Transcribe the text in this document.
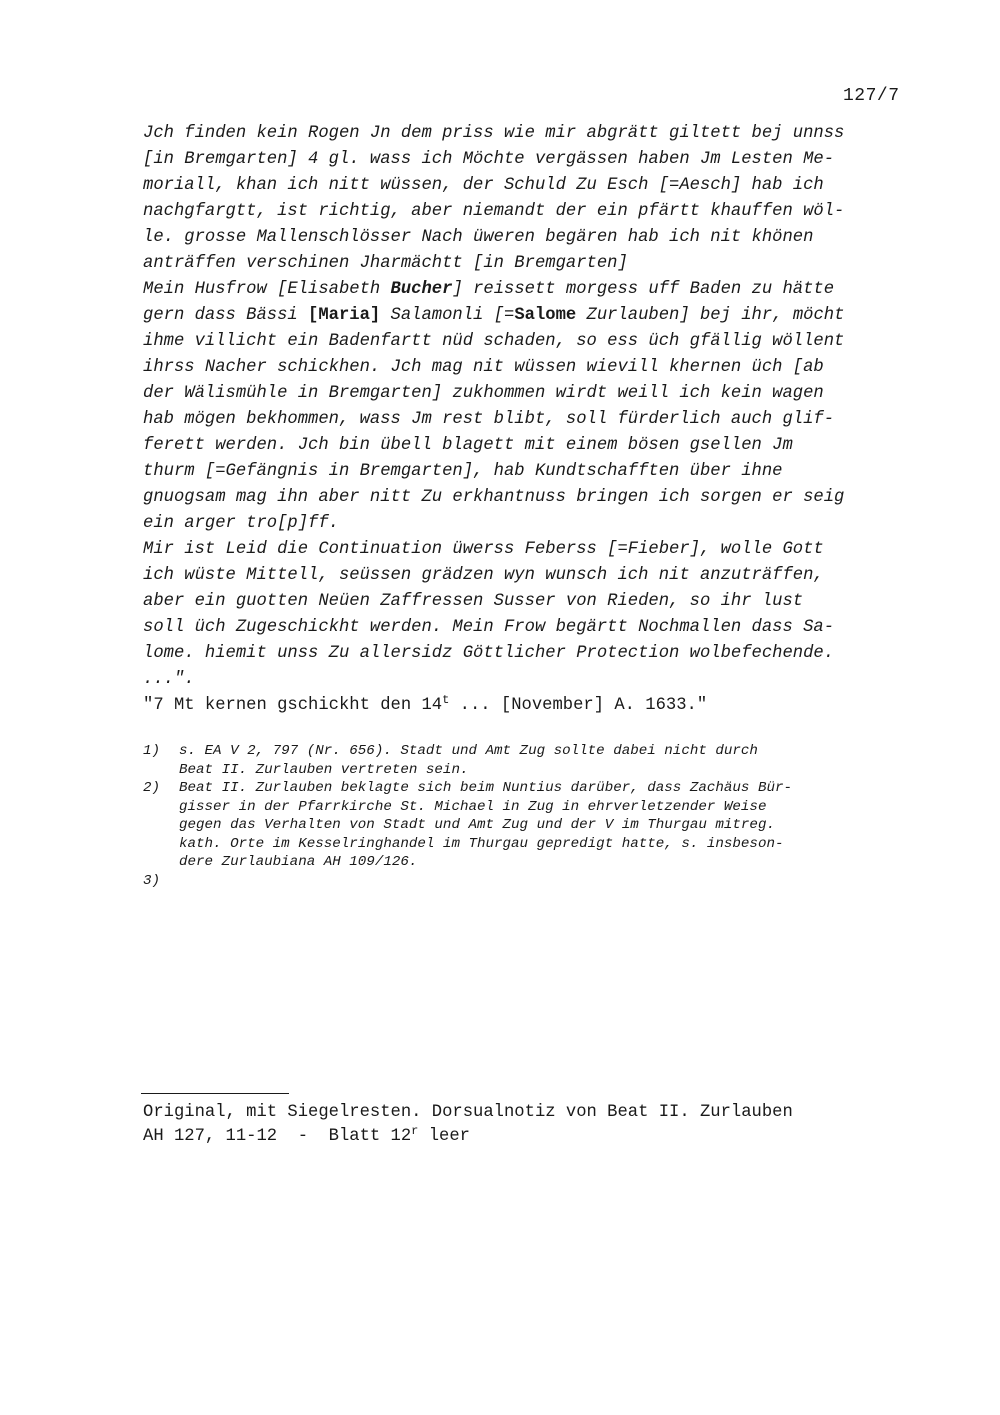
127/7
Jch finden kein Rogen Jn dem priss wie mir abgrätt giltett bej unnss
[in Bremgarten] 4 gl. wass ich Möchte vergässen haben Jm Lesten Me-
moriall, khan ich nitt wüssen, der Schuld Zu Esch [=Aesch] hab ich
nachgfargtt, ist richtig, aber niemandt der ein pfärtt khauffen wöl-
le. grosse Mallenschlösser Nach üweren begären hab ich nit khönen
anträffen verschinen Jharmächtt [in Bremgarten]
Mein Husfrow [Elisabeth Bucher] reissett morgess uff Baden zu hätte
gern dass Bässi [Maria] Salamonli [=Salome Zurlauben] bej ihr, möcht
ihme villicht ein Badenfartt nüd schaden, so ess üch gfällig wöllent
ihrss Nacher schickhen. Jch mag nit wüssen wievill khernen üch [ab
der Wälismühle in Bremgarten] zukhommen wirdt weill ich kein wagen
hab mögen bekhommen, wass Jm rest blibt, soll fürderlich auch glif-
ferett werden. Jch bin übell blagett mit einem bösen gsellen Jm
thurm [=Gefängnis in Bremgarten], hab Kundtschafften über ihne
gnuogsam mag ihn aber nitt Zu erkhantnuss bringen ich sorgen er seig
ein arger tro[p]ff.
Mir ist Leid die Continuation üwerss Feberss [=Fieber], wolle Gott
ich wüste Mittell, seüssen grädzen wyn wunsch ich nit anzuträffen,
aber ein guotten Neüen Zaffressen Susser von Rieden, so ihr lust
soll üch Zugeschickht werden. Mein Frow begärtt Nochmallen dass Sa-
lome. hiemit unss Zu allersidz Göttlicher Protection wolbefechende.
...".
"7 Mt kernen gschickht den 14$^t$ ... [November] A. 1633."
1)	s. EA V 2, 797 (Nr. 656). Stadt und Amt Zug sollte dabei nicht durch
Beat II. Zurlauben vertreten sein.
2)	Beat II. Zurlauben beklagte sich beim Nuntius darüber, dass Zachäus Bür-
gisser in der Pfarrkirche St. Michael in Zug in ehrverletzender Weise
gegen das Verhalten von Stadt und Amt Zug und der V im Thurgau mitreg.
kath. Orte im Kesselringhandel im Thurgau gepredigt hatte, s. insbeson-
dere Zurlaubiana AH 109/126.
3)
Original, mit Siegelresten. Dorsualnotiz von Beat II. Zurlauben
AH 127, 11-12  -  Blatt 12$^r$ leer
